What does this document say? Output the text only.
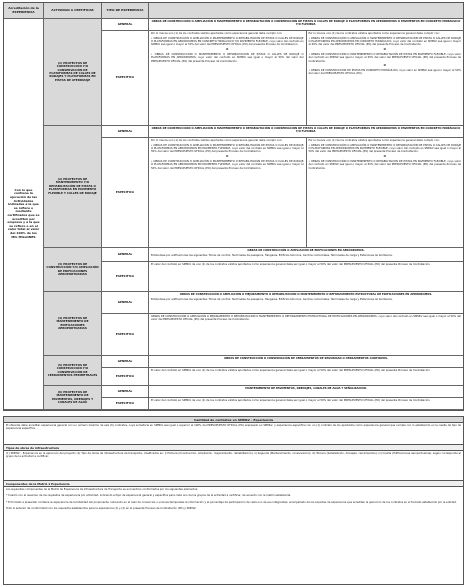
Acreditación de la EXPERIENCIA	ACTIVIDAD A CERTIFICAR	TIPO DE EXPERIENCIA
Con lo que contiene la ejecución de las Actividades indicadas a la que se refiere o mediante certificados que se acrediten por empresa y a la que se refiere o en el valor total al valor del 100% de los MIL MILLONES
(1) PROYECTOS DE CONSTRUCCIÓN Y/O CONSERVACIÓN DE PLATAFORMAS DE CALLES DE RODAJES Y PLATAFORMAS EN PISTAS DE ATERRIZAJE
GENERAL

OBRAS DE CONSTRUCCIÓN O AMPLIACIÓN O MANTENIMIENTO O REHABILITACIÓN O CONSERVACIÓN DE PISTAS O CALLES DE RODAJE O PLATAFORMAS EN AERÓDROMOS O PAVIMENTOS EN CONCRETO HIDRÁULICO Y/O FLEXIBLE.

ESPECÍFICA

Por lo menos uno (1) de los contratos válidos aportados como experiencia general debe cumplir con:

• OBRAS DE CONSTRUCCIÓN O AMPLIACIÓN O MANTENIMIENTO O REHABILITACIÓN DE PISTAS O CALLES DE RODAJE O PLATAFORMAS EN AERÓDROMOS EN CONCRETO HIDRÁULICO Y/O PAVIMENTO FLEXIBLE, cuyo valor del contrato en SMMLV sea igual o mayor al 50% del valor del PRESUPUESTO OFICIAL (PO) del presente Proceso de Contratación.

O

• OBRAS DE CONSTRUCCIÓN O MANTENIMIENTO O REHABILITACIÓN DE PISTAS O CALLES DE RODAJE O PLATAFORMAS EN AERÓDROMOS, cuyo valor del contrato en SMMLV sea igual o mayor al 50% del valor del PRESUPUESTO OFICIAL (PO) del presente Proceso de Contratación.

Por lo menos uno (1) de los contratos válidos aportados como experiencia general debe cumplir con:

• OBRAS DE CONSTRUCCIÓN O AMPLIACIÓN O MANTENIMIENTO O REHABILITACIÓN DE PISTAS O CALLES DE RODAJE O PLATAFORMAS EN AERÓDROMOS EN CONCRETO HIDRÁULICO, cuyo valor del contrato en SMMLV sea igual o mayor al 50% del valor del PRESUPUESTO OFICIAL (PO) del presente Proceso de Contratación.

O

• OBRAS DE CONSTRUCCIÓN O MANTENIMIENTO O REHABILITACIÓN DE PISTAS EN PAVIMENTO FLEXIBLE, cuyo valor del contrato en SMMLV sea igual o mayor al 50% del valor del PRESUPUESTO OFICIAL (PO) del presente Proceso de Contratación.

O

• OBRAS DE CONSTRUCCIÓN DE PISTAS EN CONCRETO HIDRÁULICO, cuyo valor en SMMLV sea igual o mayor al 50% del valor del PRESUPUESTO OFICIAL (PO).

(2) PROYECTOS DE MANTENIMIENTO Y/O REHABILITACIÓN DE PISTAS O PLATAFORMAS EN PAVIMENTO FLEXIBLE Y CALLES DE RODAJE
GENERAL

OBRAS DE CONSTRUCCIÓN O AMPLIACIÓN O MANTENIMIENTO O REHABILITACIÓN O CONSERVACIÓN DE PISTAS O CALLES DE RODAJE O PLATAFORMAS EN AERÓDROMOS O PAVIMENTOS EN CONCRETO HIDRÁULICO Y/O FLEXIBLE.

ESPECÍFICA

Por lo menos uno (1) de los contratos válidos aportados como experiencia general debe cumplir con:

• OBRAS DE CONSTRUCCIÓN O AMPLIACIÓN O MANTENIMIENTO O REHABILITACIÓN DE PISTAS O CALLES DE RODAJE O PLATAFORMAS EN AERÓDROMOS EN PAVIMENTO FLEXIBLE, cuyo valor del contrato en SMMLV sea igual o mayor al 50% del valor del PRESUPUESTO OFICIAL (PO) del presente Proceso de Contratación.

O

• OBRAS DE CONSTRUCCIÓN O AMPLIACIÓN O MANTENIMIENTO O REHABILITACIÓN DE PISTAS O CALLES DE RODAJE O PLATAFORMAS EN AERÓDROMOS EN PAVIMENTO FLEXIBLE, cuyo valor del contrato en SMMLV sea igual o mayor al 50% del valor del PRESUPUESTO OFICIAL (PO) del presente Proceso de Contratación.

Por lo menos uno (1) de los contratos válidos aportados como experiencia general debe cumplir con:

• OBRAS DE CONSTRUCCIÓN O AMPLIACIÓN O MANTENIMIENTO O REHABILITACIÓN DE PISTAS O CALLES DE RODAJE O PLATAFORMAS EN AERÓDROMOS EN PAVIMENTO FLEXIBLE, cuyo valor del contrato en SMMLV sea igual o mayor al 50% del valor del PRESUPUESTO OFICIAL (PO) del presente Proceso de Contratación.

O

• OBRAS DE CONSTRUCCIÓN O MANTENIMIENTO O REHABILITACIÓN DE PISTAS EN PAVIMENTO FLEXIBLE, cuyo valor del contrato en SMMLV sea igual o mayor al 50% del valor del PRESUPUESTO OFICIAL (PO) del presente Proceso de Contratación.

(3) PROYECTOS DE CONSTRUCCIÓN Y/O AMPLIACIÓN DE EDIFICACIONES AEROPORTUARIAS
GENERAL

OBRAS DE CONSTRUCCIÓN O AMPLIACIÓN DE EDIFICACIONES EN AERÓDROMOS.

Entiéndase por edificaciones las siguientes: Torres de control, Terminales de pasajeros, Hangares, Edificios técnicos, Centros comerciales, Terminales de carga y Estaciones de bomberos.

ESPECÍFICA

El valor del contrato en SMMLV de uno (1) de los contratos válidos aportados como experiencia general debe ser igual o mayor al 50% del valor del PRESUPUESTO OFICIAL (PO) del presente Proceso de Contratación.

(4) PROYECTOS DE MANTENIMIENTO DE EDIFICACIONES AEROPORTUARIAS
GENERAL

OBRAS DE CONSTRUCCIÓN O AMPLIACIÓN O MEJORAMIENTO O REHABILITACIÓN O MANTENIMIENTO O REFORZAMIENTO ESTRUCTURAL DE EDIFICACIONES EN AERÓDROMOS.

Entiéndase por edificaciones las siguientes: Torres de control, Terminales de pasajeros, Hangares, Edificios técnicos, Centros comerciales, Terminales de carga y Estaciones de bomberos.

ESPECÍFICA

OBRAS DE CONSTRUCCIÓN O AMPLIACIÓN O MEJORAMIENTO O REHABILITACIÓN O MANTENIMIENTO O REFORZAMIENTO ESTRUCTURAL DE EDIFICACIONES EN AERÓDROMOS, cuyo valor del contrato en SMMLV sea igual o mayor al 50% del valor del PRESUPUESTO OFICIAL (PO) del presente Proceso de Contratación.

(5) PROYECTOS DE CONSTRUCCIÓN Y/O CONSERVACIÓN DE CERRAMIENTOS PERIMETRALES
GENERAL

OBRAS DE CONSTRUCCIÓN O CONSERVACIÓN DE CERRAMIENTOS DE SEGURIDAD O CERRAMIENTOS CONTINUOS.

ESPECÍFICA

El valor del contrato en SMMLV de uno (1) de los contratos válidos aportados como experiencia general debe ser igual o mayor al 50% del valor del PRESUPUESTO OFICIAL (PO) del presente Proceso de Contratación.

(6) PROYECTOS DE MANTENIMIENTO DE PAVIMENTOS, DRENAJES Y CANALES DE AGUA
GENERAL

MANTENIMIENTO DE PAVIMENTOS, DRENAJES, CANALES DE AGUA Y SEÑALIZACIÓN.

ESPECÍFICA

El valor del contrato en SMMLV de uno (1) de los contratos válidos aportados como experiencia general debe ser igual o mayor al 50% del valor del PRESUPUESTO OFICIAL (PO) del presente Proceso de Contratación.

Cantidad de contratos en SMMLV – Experiencia
El oferente debe acreditar experiencia general con un número máximo de seis (6) contratos, cuya sumatoria en SMMLV sea igual o superior al 100% del PRESUPUESTO OFICIAL (PO) expresado en SMMLV, y experiencia específica con un (1) contrato de los aportados como experiencia general que cumpla con lo establecido en la casilla de tipo de experiencia específica.
Tipos de obras de infraestructura
(1) SMMLV – Experiencia en la ejecución del proyecto (1) Tipo de obras de infraestructura de transporte, clasificados en: i) Primera (Construcción, ampliación, mejoramiento, rehabilitación); ii) Segunda (Mantenimiento, conservación); iii) Tercera (Señalización, drenajes, cerramientos); iv) Cuarta (Edificaciones aeroportuarias), según corresponda al grupo de la actividad a certificar.
Componentes de la Matriz 1 Experiencia

Los siguientes componentes de la Matriz de Experiencia de Infraestructura de Transporte se encuentran conformados por los siguientes elementos:

* Cuadro con el resumen de los requisitos de experiencia por actividad, indicando el tipo de experiencia general y específica para cada uno de los grupos de la actividad a certificar, de acuerdo con la matriz establecida.

* El formato a presentar contiene la experiencia de la totalidad del proponente, indicando en el caso de consorcios o uniones temporales la información y el porcentaje de participación de cada uno de sus integrantes, acompañado de los soportes de experiencia que acrediten la ejecución de los contratos en el formato establecido por la entidad.

Todo lo anterior de conformidad con los requisitos establecidos para la experiencia (1) y (2) en el presente Proceso de Contratación (PO) y SMMLV.
